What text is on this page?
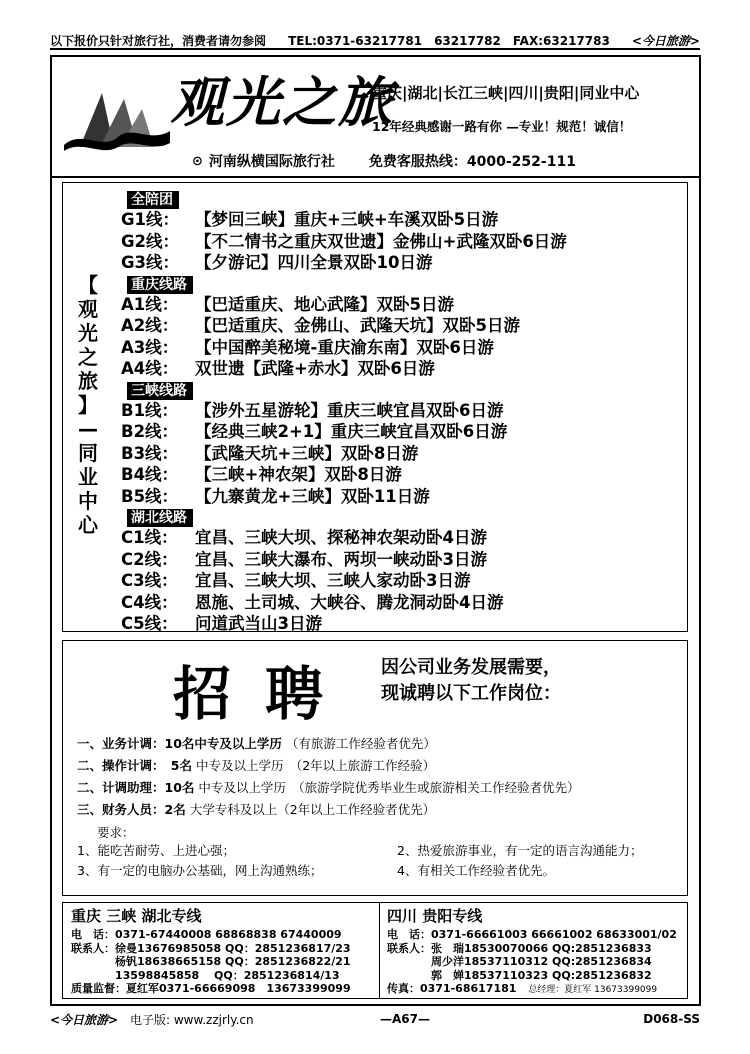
以下报价只针对旅行社，消费者请勿参阅 TEL:0371-63217781　63217782　FAX:63217783 <今日旅游>
观光之旅
重庆|湖北|长江三峡|四川|贵阳|同业中心
12年经典感谢一路有你 —专业！规范！诚信！
⊙ 河南纵横国际旅行社 免费客服热线：4000-252-111
【
观
光
之
旅
】
—
同
业
中
心
全陪团
G1线： 【梦回三峡】重庆+三峡+车溪双卧5日游
G2线： 【不二情书之重庆双世遗】金佛山+武隆双卧6日游
G3线： 【夕游记】四川全景双卧10日游
重庆线路
A1线： 【巴适重庆、地心武隆】双卧5日游
A2线： 【巴适重庆、金佛山、武隆天坑】双卧5日游
A3线： 【中国醉美秘境-重庆渝东南】双卧6日游
A4线： 双世遗【武隆+赤水】双卧6日游
三峡线路
B1线： 【涉外五星游轮】重庆三峡宜昌双卧6日游
B2线： 【经典三峡2+1】重庆三峡宜昌双卧6日游
B3线： 【武隆天坑+三峡】双卧8日游
B4线： 【三峡+神农架】双卧8日游
B5线： 【九寨黄龙+三峡】双卧11日游
湖北线路
C1线： 宜昌、三峡大坝、探秘神农架动卧4日游
C2线： 宜昌、三峡大瀑布、两坝一峡动卧3日游
C3线： 宜昌、三峡大坝、三峡人家动卧3日游
C4线： 恩施、土司城、大峡谷、腾龙洞动卧4日游
C5线： 问道武当山3日游
招聘 因公司业务发展需要，
现诚聘以下工作岗位：
一、业务计调：10名中专及以上学历 （有旅游工作经验者优先）
二、操作计调：　5名 中专及以上学历　（2年以上旅游工作经验）
二、计调助理：10名 中专及以上学历　（旅游学院优秀毕业生或旅游相关工作经验者优先）
三、财务人员：2名 大学专科及以上（2年以上工作经验者优先）
要求：
1、能吃苦耐劳、上进心强；	2、热爱旅游事业，有一定的语言沟通能力；
3、有一定的电脑办公基础，网上沟通熟练；	4、有相关工作经验者优先。
重庆 三峡 湖北专线
电　话：0371-67440008 68868838 67440009
联系人：徐曼13676985058 QQ：2851236817/23
　　　　杨钒18638665158 QQ：2851236822/21
　　　　13598845858　 QQ：2851236814/13
质量监督：夏红军0371-66669098　13673399099
四川 贵阳专线
电　话：0371-66661003 66661002 68633001/02
联系人：张　瑞18530070066 QQ:2851236833
　　　　周少洋18537110312 QQ:2851236834
　　　　郭　婵18537110323 QQ:2851236832
传真：0371-68617181 总经理：夏红军 13673399099
<今日旅游> 电子版: www.zzjrly.cn	—A67—	D068-SS
